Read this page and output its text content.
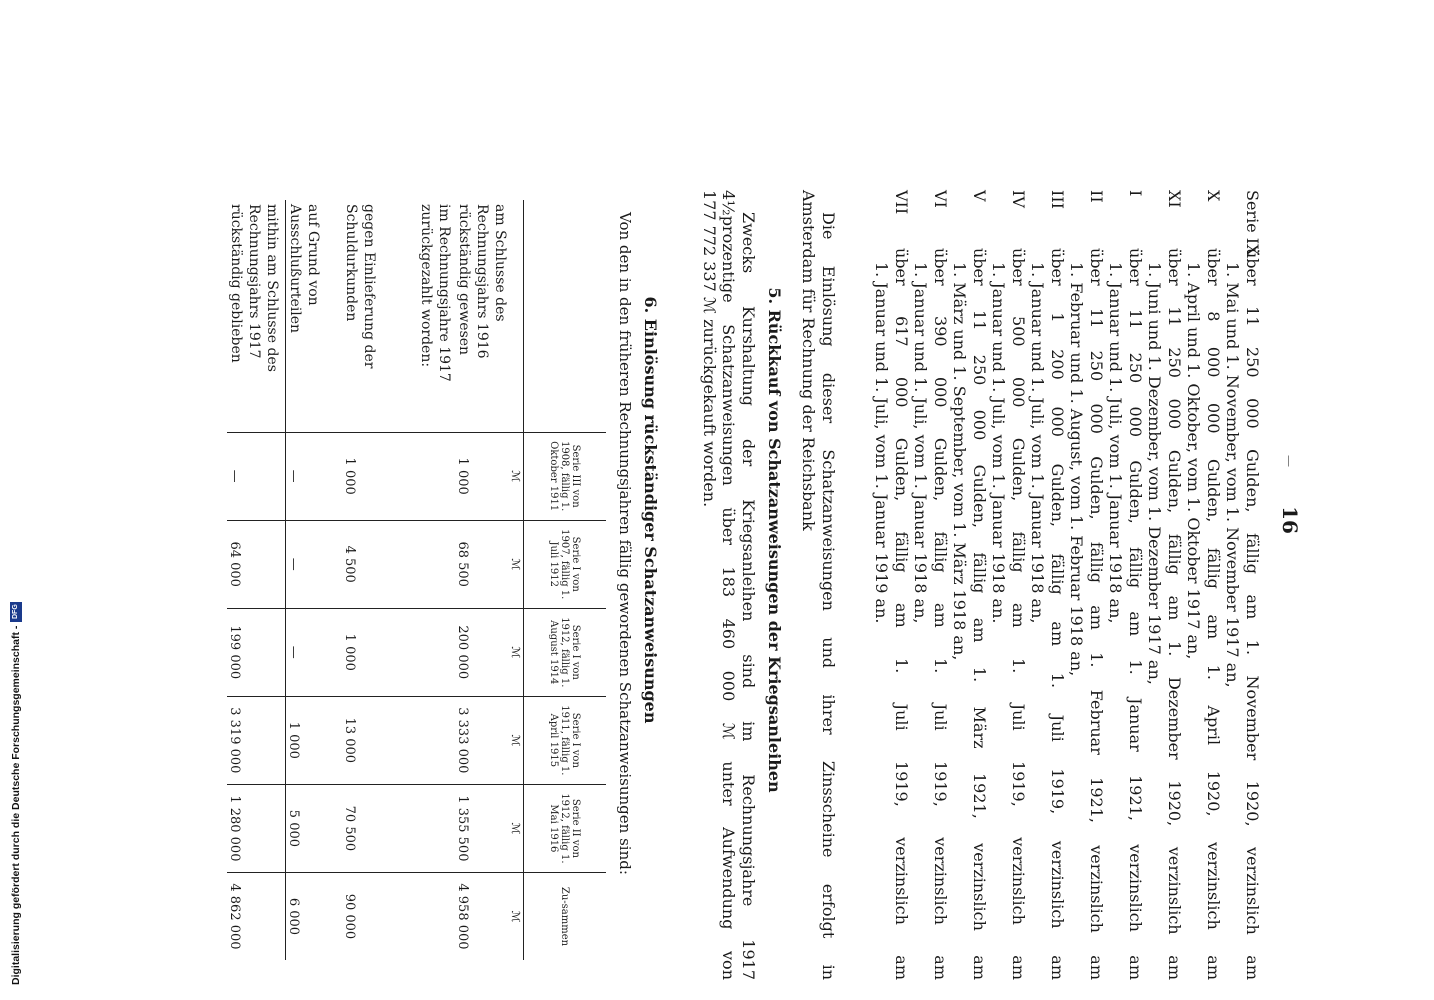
Digitalisierung gefördert durch die Deutsche Forschungsgemeinschaft -
DFG
—
16
Serie IX
über 11 250 000 Gulden, fällig am 1. November 1920, verzinslich am
1. Mai und 1. November, vom 1. November 1917 an,
X
über 8 000 000 Gulden, fällig am 1. April 1920, verzinslich am
1. April und 1. Oktober, vom 1. Oktober 1917 an,
XI
über 11 250 000 Gulden, fällig am 1. Dezember 1920, verzinslich am
1. Juni und 1. Dezember, vom 1. Dezember 1917 an,
I
über 11 250 000 Gulden, fällig am 1. Januar 1921, verzinslich am
1. Januar und 1. Juli, vom 1. Januar 1918 an,
II
über 11 250 000 Gulden, fällig am 1. Februar 1921, verzinslich am
1. Februar und 1. August, vom 1. Februar 1918 an,
III
über 1 200 000 Gulden, fällig am 1. Juli 1919, verzinslich am
1. Januar und 1. Juli, vom 1. Januar 1918 an,
IV
über 500 000 Gulden, fällig am 1. Juli 1919, verzinslich am
1. Januar und 1. Juli, vom 1. Januar 1918 an.
V
über 11 250 000 Gulden, fällig am 1. März 1921, verzinslich am
1. März und 1. September, vom 1. März 1918 an,
VI
über 390 000 Gulden, fällig am 1. Juli 1919, verzinslich am
1. Januar und 1. Juli, vom 1. Januar 1918 an,
VII
über 617 000 Gulden, fällig am 1. Juli 1919, verzinslich am
1. Januar und 1. Juli, vom 1. Januar 1919 an.
Die Einlösung dieser Schatzanweisungen und ihrer Zinsscheine erfolgt in
Amsterdam für Rechnung der Reichsbank
5. Rückkauf von Schatzanweisungen der Kriegsanleihen
Zwecks Kurshaltung der Kriegsanleihen sind im Rechnungsjahre 1917
4½prozentige Schatzanweisungen über 183 460 000 ℳ unter Aufwendung von
177 772 337 ℳ zurückgekauft worden.
6. Einlösung rückständiger Schatzanweisungen
Von den in den früheren Rechnungsjahren fällig gewordenen Schatzanweisungen sind:
	Serie III von 1908, fällig 1. Oktober 1911	Serie I von 1907, fällig 1. Juli 1912	Serie I von 1912, fällig 1. August 1914	Serie I von 1911, fällig 1. April 1915	Serie II von 1912, fällig 1. Mai 1916	Zu-sammen
	ℳ	ℳ	ℳ	ℳ	ℳ	ℳ
am Schlusse des Rechnungsjahrs 1916 rückständig gewesen	1 000	68 500	200 000	3 333 000	1 355 500	4 958 000
im Rechnungsjahre 1917 zurückgezahlt worden:						
gegen Einlieferung der Schuldurkunden	1 000	4 500	1 000	13 000	70 500	90 000
auf Grund von Ausschlußurteilen	—	—	—	1 000	5 000	6 000
mithin am Schlusse des Rechnungsjahrs 1917 rückständig geblieben	—	64 000	199 000	3 319 000	1 280 000	4 862 000
